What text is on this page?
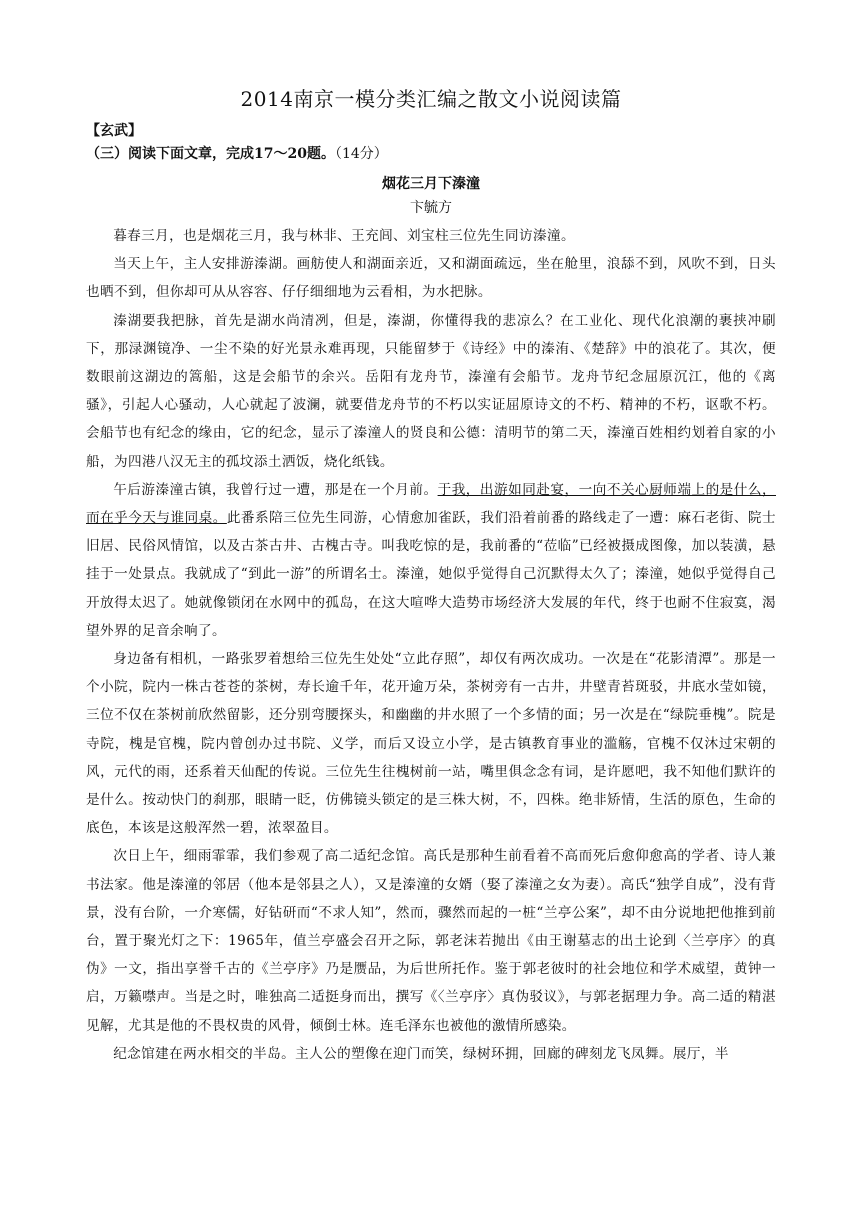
2014南京一模分类汇编之散文小说阅读篇

【玄武】

（三）阅读下面文章，完成17～20题。（14分）

烟花三月下溱潼

卞毓方

暮春三月，也是烟花三月，我与林非、王充闾、刘宝柱三位先生同访溱潼。

当天上午，主人安排游溱湖。画舫使人和湖面亲近，又和湖面疏远，坐在舱里，浪舔不到，风吹不到，日头也晒不到，但你却可从从容容、仔仔细细地为云看相，为水把脉。

溱湖要我把脉，首先是湖水尚清冽，但是，溱湖，你懂得我的悲凉么？在工业化、现代化浪潮的裹挟冲刷下，那渌渊镜净、一尘不染的好光景永难再现，只能留梦于《诗经》中的溱洧、《楚辞》中的浪花了。其次，便数眼前这湖边的篙船，这是会船节的余兴。岳阳有龙舟节，溱潼有会船节。龙舟节纪念屈原沉江，他的《离骚》，引起人心骚动，人心就起了波澜，就要借龙舟节的不朽以实证屈原诗文的不朽、精神的不朽，讴歌不朽。会船节也有纪念的缘由，它的纪念，显示了溱潼人的贤良和公德：清明节的第二天，溱潼百姓相约划着自家的小船，为四港八汉无主的孤坟添土洒饭，烧化纸钱。

午后游溱潼古镇，我曾行过一遭，那是在一个月前。于我，出游如同赴宴，一向不关心厨师端上的是什么，而在乎今天与谁同桌。此番系陪三位先生同游，心情愈加雀跃，我们沿着前番的路线走了一遭：麻石老街、院士旧居、民俗风情馆，以及古茶古井、古槐古寺。叫我吃惊的是，我前番的“莅临”已经被摄成图像，加以装潢，悬挂于一处景点。我就成了“到此一游”的所谓名士。溱潼，她似乎觉得自己沉默得太久了；溱潼，她似乎觉得自己开放得太迟了。她就像锁闭在水网中的孤岛，在这大喧哗大造势市场经济大发展的年代，终于也耐不住寂寞，渴望外界的足音余响了。

身边备有相机，一路张罗着想给三位先生处处“立此存照”，却仅有两次成功。一次是在“花影清潭”。那是一个小院，院内一株古苍苍的茶树，寿长逾千年，花开逾万朵，茶树旁有一古井，井壁青苔斑驳，井底水莹如镜，三位不仅在茶树前欣然留影，还分别弯腰探头，和幽幽的井水照了一个多情的面；另一次是在“绿院垂槐”。院是寺院，槐是官槐，院内曾创办过书院、义学，而后又设立小学，是古镇教育事业的滥觞，官槐不仅沐过宋朝的风，元代的雨，还系着天仙配的传说。三位先生往槐树前一站，嘴里俱念念有词，是许愿吧，我不知他们默许的是什么。按动快门的刹那，眼睛一眨，仿佛镜头锁定的是三株大树，不，四株。绝非矫情，生活的原色，生命的底色，本该是这般浑然一碧，浓翠盈目。

次日上午，细雨霏霏，我们参观了高二适纪念馆。高氏是那种生前看着不高而死后愈仰愈高的学者、诗人兼书法家。他是溱潼的邻居（他本是邻县之人），又是溱潼的女婿（娶了溱潼之女为妻）。高氏“独学自成”，没有背景，没有台阶，一介寒儒，好钻研而“不求人知”，然而，骤然而起的一桩“兰亭公案”，却不由分说地把他推到前台，置于聚光灯之下：1965年，值兰亭盛会召开之际，郭老沫若抛出《由王谢墓志的出土论到〈兰亭序〉的真伪》一文，指出享誉千古的《兰亭序》乃是赝品，为后世所托作。鉴于郭老彼时的社会地位和学术威望，黄钟一启，万籁噤声。当是之时，唯独高二适挺身而出，撰写《〈兰亭序〉真伪驳议》，与郭老据理力争。高二适的精湛见解，尤其是他的不畏权贵的风骨，倾倒士林。连毛泽东也被他的激情所感染。

纪念馆建在两水相交的半岛。主人公的塑像在迎门而笑，绿树环拥，回廊的碑刻龙飞凤舞。展厅，半
